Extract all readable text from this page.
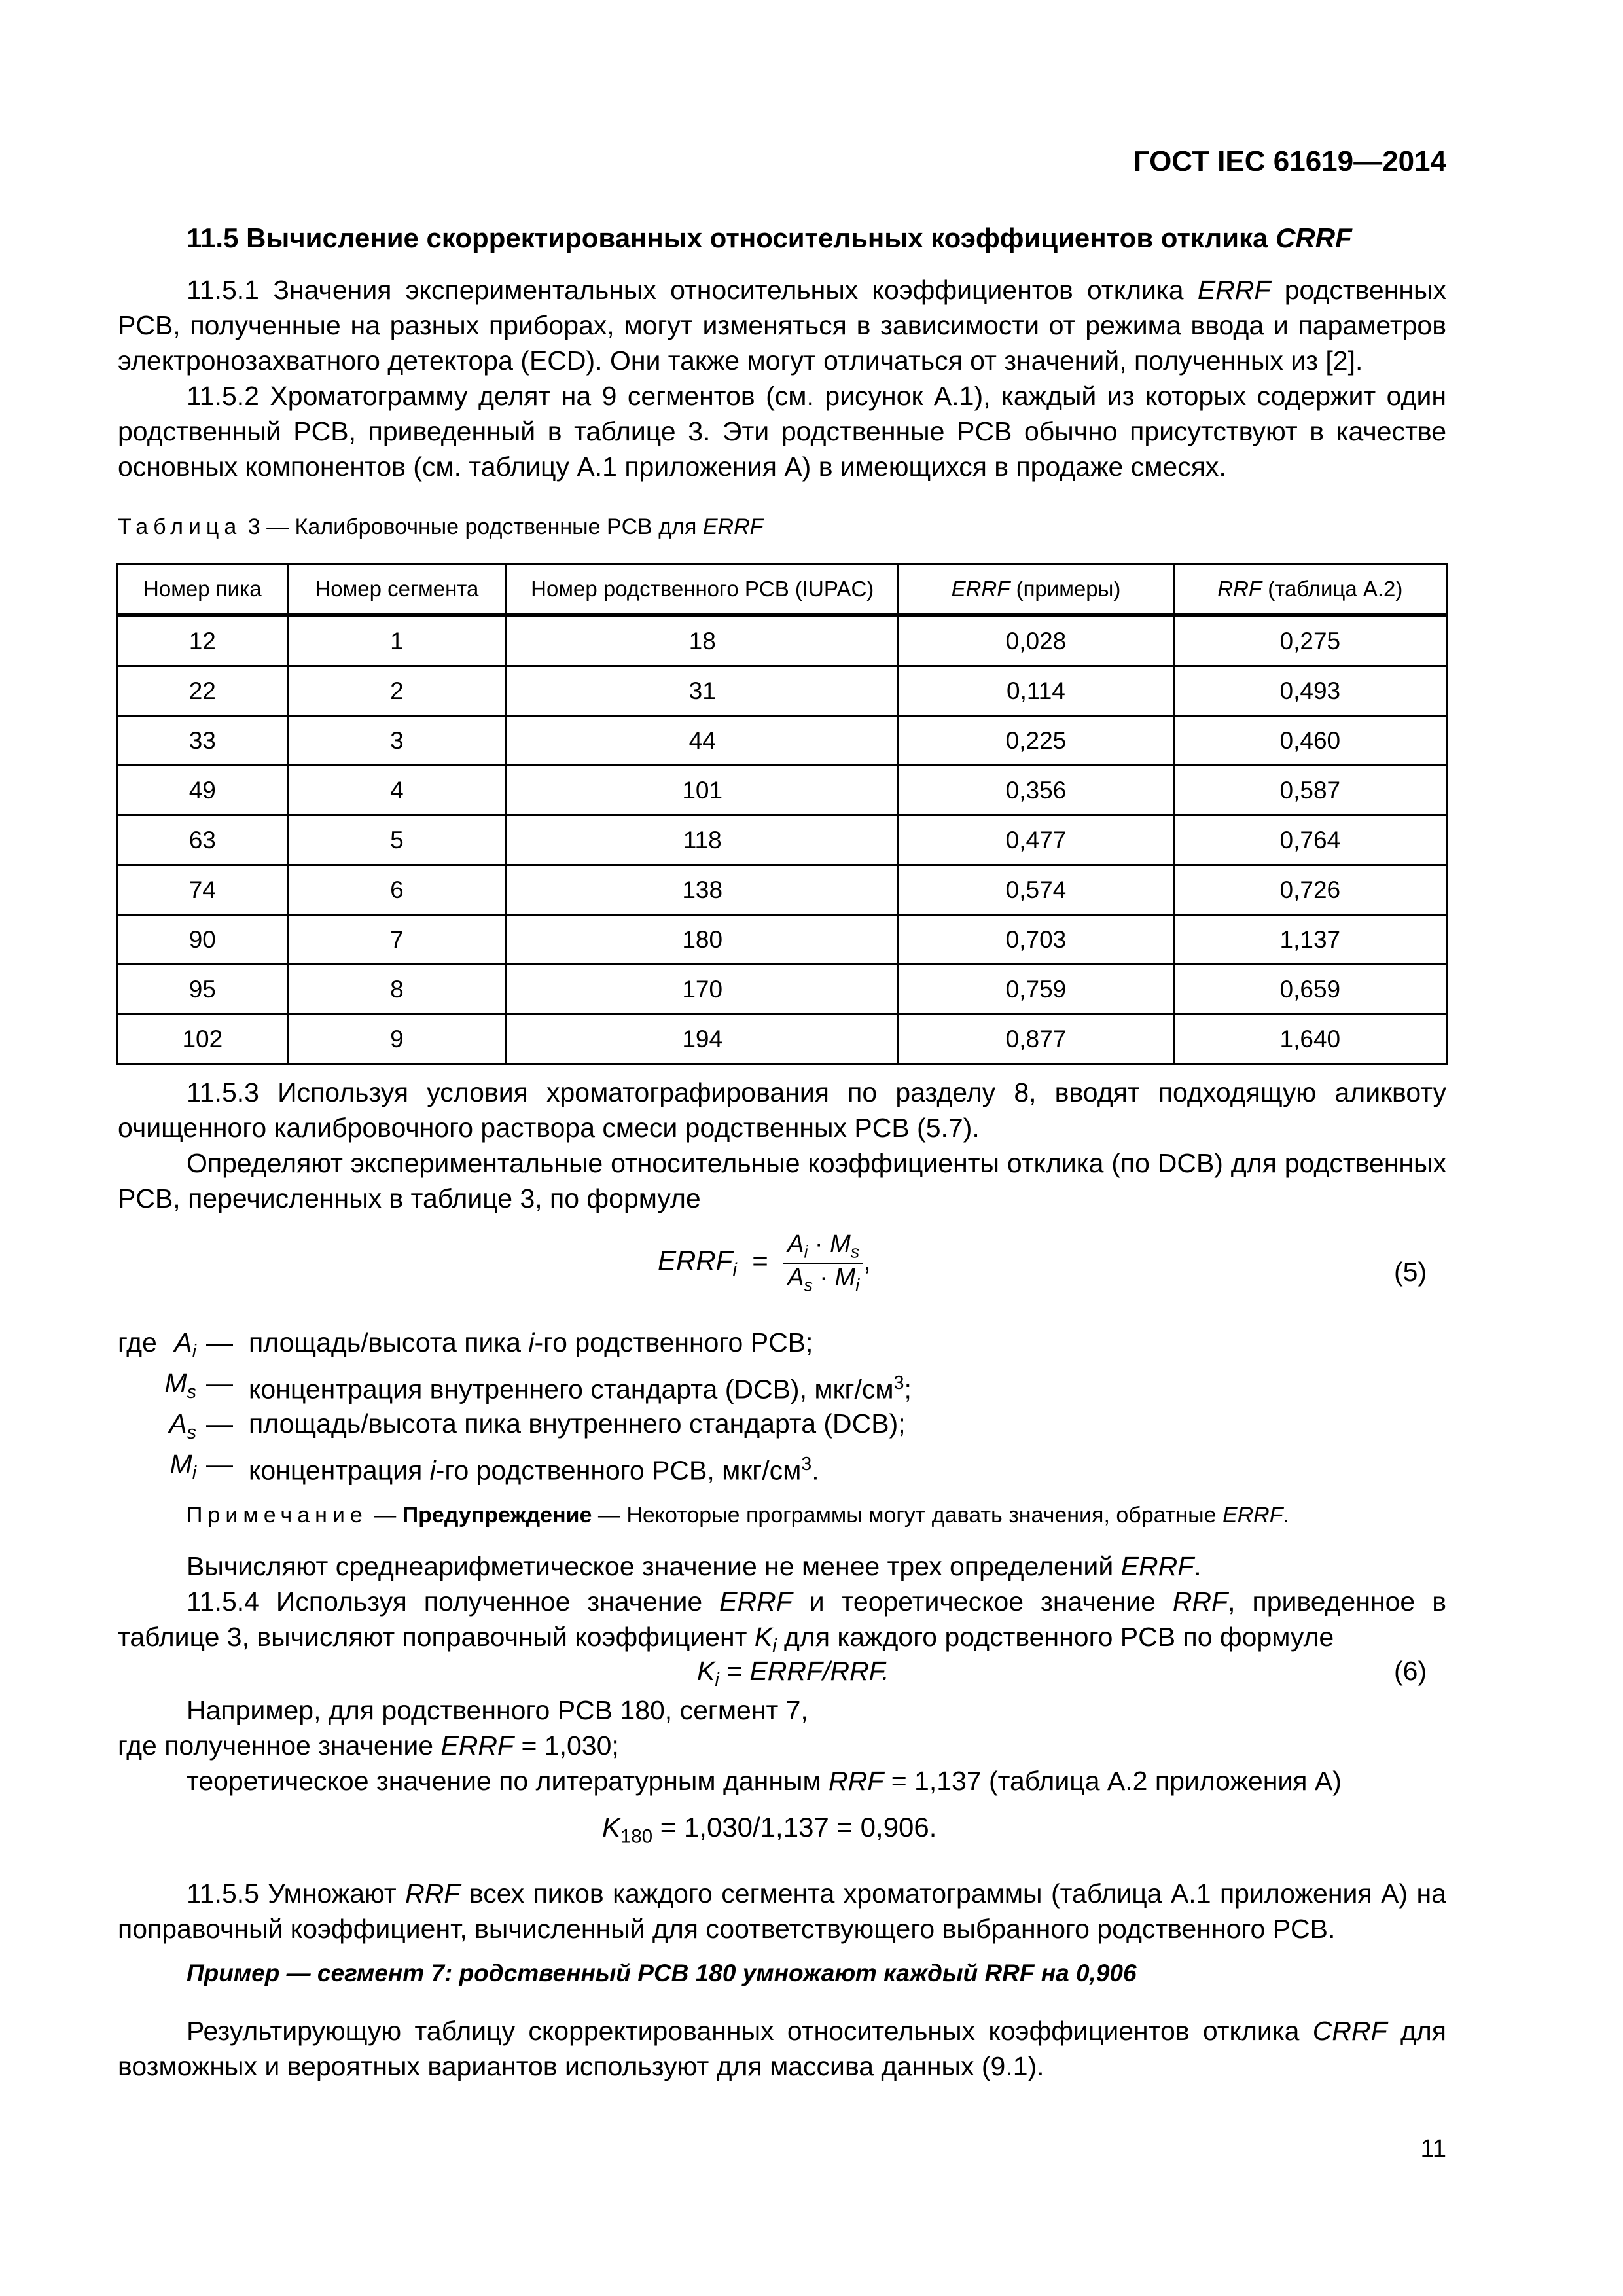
ГОСТ IEC 61619—2014
11.5 Вычисление скорректированных относительных коэффициентов отклика CRRF

11.5.1 Значения экспериментальных относительных коэффициентов отклика ERRF родственных PCB, полученные на разных приборах, могут изменяться в зависимости от режима ввода и параметров электронозахватного детектора (ECD). Они также могут отличаться от значений, полученных из [2].

11.5.2 Хроматограмму делят на 9 сегментов (см. рисунок А.1), каждый из которых содержит один родственный PCB, приведенный в таблице 3. Эти родственные PCB обычно присутствуют в качестве основных компонентов (см. таблицу А.1 приложения А) в имеющихся в продаже смесях.

Таблица 3 — Калибровочные родственные PCB для ERRF
Номер пика	Номер сегмента	Номер родственного PCB (IUPAC)	ERRF (примеры)	RRF (таблица А.2)
12	1	18	0,028	0,275
22	2	31	0,114	0,493
33	3	44	0,225	0,460
49	4	101	0,356	0,587
63	5	118	0,477	0,764
74	6	138	0,574	0,726
90	7	180	0,703	1,137
95	8	170	0,759	0,659
102	9	194	0,877	1,640

11.5.3 Используя условия хроматографирования по разделу 8, вводят подходящую аликвоту очищенного калибровочного раствора смеси родственных PCB (5.7).

Определяют экспериментальные относительные коэффициенты отклика (по DCB) для родственных PCB, перечисленных в таблице 3, по формуле

$ERRF_i = \frac{A_i \cdot M_s}{A_s \cdot M_i}$ ,	(5)
где $A_i$ — площадь/высота пика i-го родственного PCB;
$M_s$ — концентрация внутреннего стандарта (DCB), мкг/$см^3$;
$A_s$ — площадь/высота пика внутреннего стандарта (DCB);
$M_i$ — концентрация i-го родственного PCB, мкг/$см^3$.
Примечание — Предупреждение — Некоторые программы могут давать значения, обратные ERRF.

Вычисляют среднеарифметическое значение не менее трех определений ERRF.

11.5.4 Используя полученное значение ERRF и теоретическое значение RRF, приведенное в таблице 3, вычисляют поправочный коэффициент $K_i$ для каждого родственного PCB по формуле

$K_i$ = ERRF/RRF.	(6)
Например, для родственного PCB 180, сегмент 7,
где полученное значение ERRF = 1,030;
теоретическое значение по литературным данным RRF = 1,137 (таблица А.2 приложения А)
$K_{180} = 1,030/1,137 = 0,906$.

11.5.5 Умножают RRF всех пиков каждого сегмента хроматограммы (таблица А.1 приложения А) на поправочный коэффициент, вычисленный для соответствующего выбранного родственного PCB.

Пример — сегмент 7: родственный PCB 180 умножают каждый RRF на 0,906

Результирующую таблицу скорректированных относительных коэффициентов отклика CRRF для возможных и вероятных вариантов используют для массива данных (9.1).

11
